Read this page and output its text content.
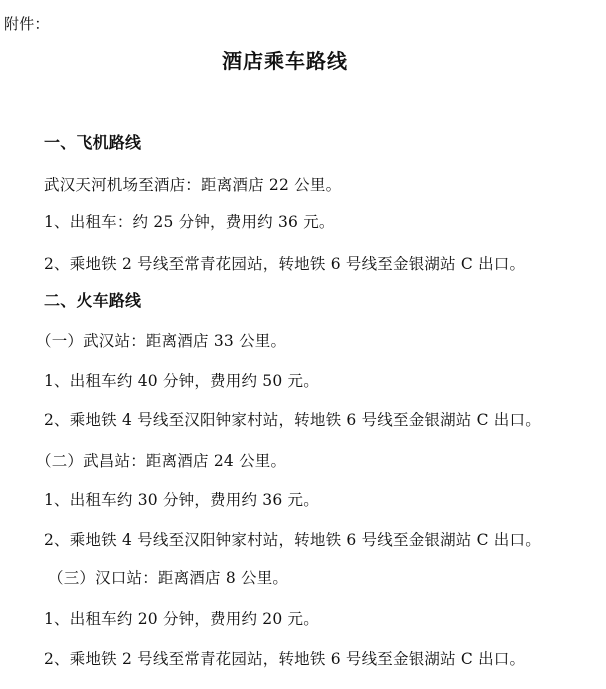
附件：
酒店乘车路线
一、飞机路线
武汉天河机场至酒店：距离酒店 22 公里。
1、出租车：约 25 分钟，费用约 36 元。
2、乘地铁 2 号线至常青花园站，转地铁 6 号线至金银湖站 C 出口。
二、火车路线
（一）武汉站：距离酒店 33 公里。
1、出租车约 40 分钟，费用约 50 元。
2、乘地铁 4 号线至汉阳钟家村站，转地铁 6 号线至金银湖站 C 出口。
（二）武昌站：距离酒店 24 公里。
1、出租车约 30 分钟，费用约 36 元。
2、乘地铁 4 号线至汉阳钟家村站，转地铁 6 号线至金银湖站 C 出口。
（三）汉口站：距离酒店 8 公里。
1、出租车约 20 分钟，费用约 20 元。
2、乘地铁 2 号线至常青花园站，转地铁 6 号线至金银湖站 C 出口。
